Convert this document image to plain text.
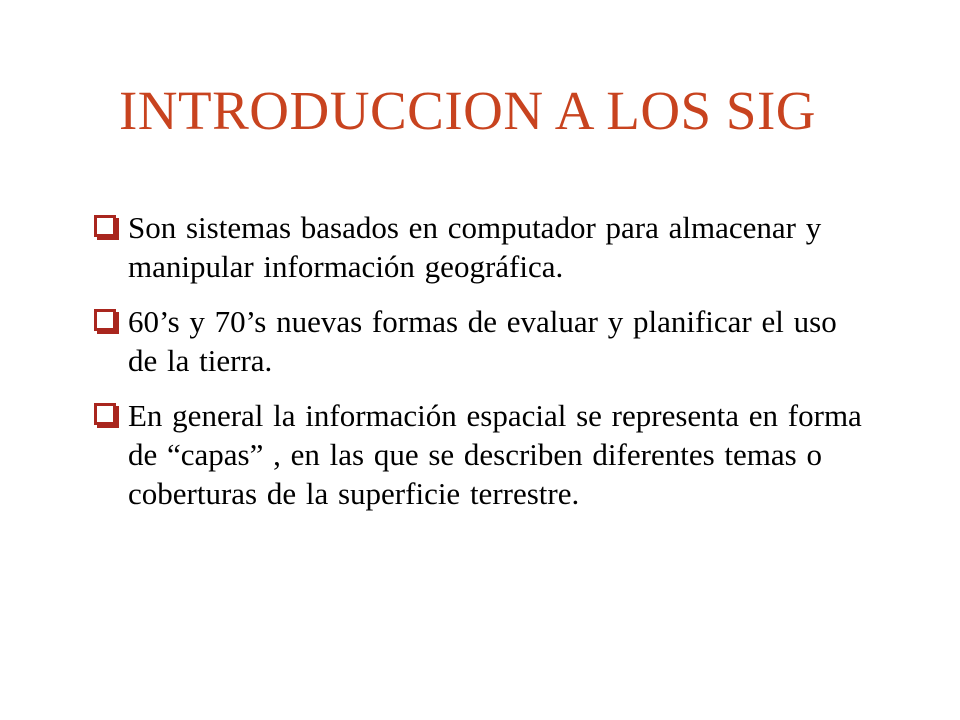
INTRODUCCION A LOS SIG
Son sistemas basados en computador para almacenar y manipular información geográfica.
60’s y 70’s nuevas formas de evaluar y planificar el uso de la tierra.
En general la información espacial se representa en forma de “capas” , en las que se describen diferentes temas o coberturas de la superficie terrestre.
